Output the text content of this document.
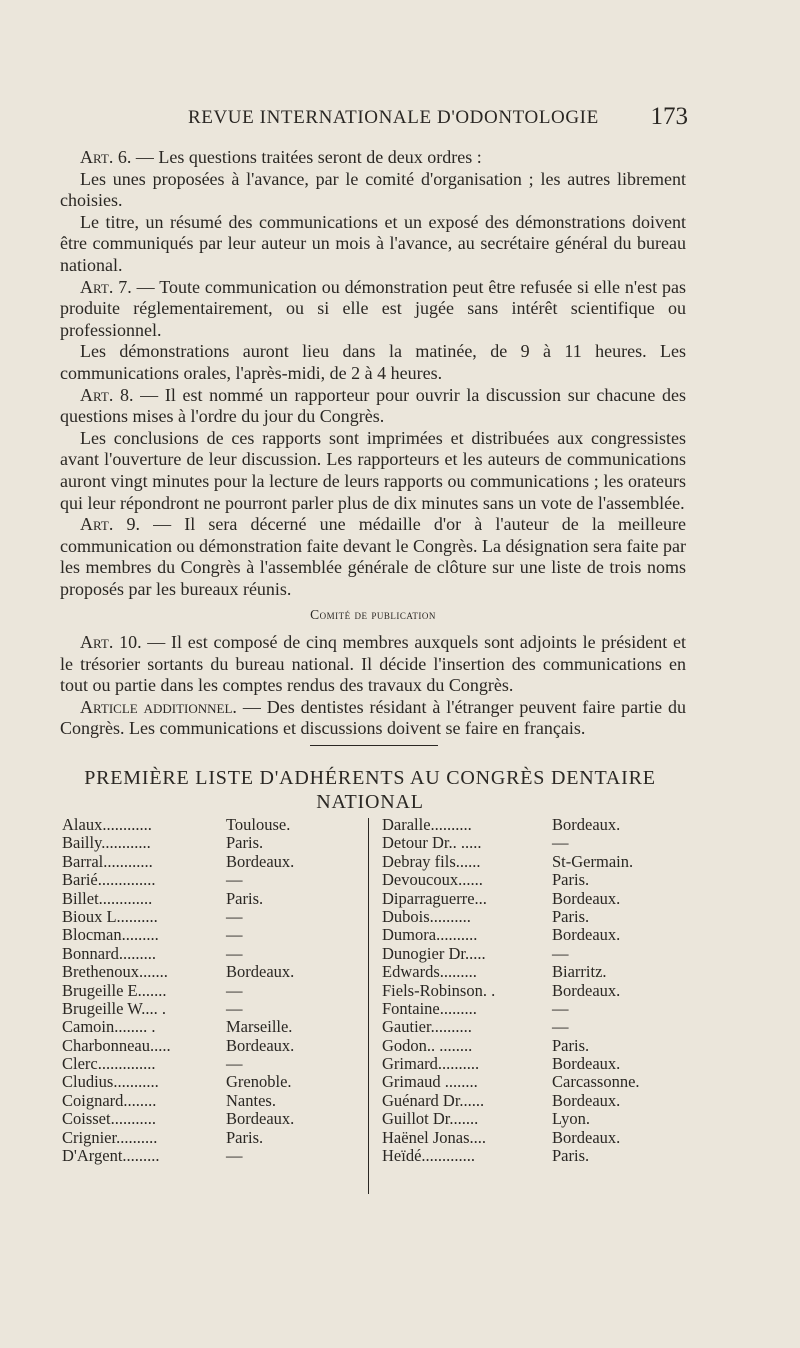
REVUE INTERNATIONALE D'ODONTOLOGIE 173

Art. 6. — Les questions traitées seront de deux ordres :

Les unes proposées à l'avance, par le comité d'organisation ; les autres librement choisies.

Le titre, un résumé des communications et un exposé des démonstrations doivent être communiqués par leur auteur un mois à l'avance, au secrétaire général du bureau national.

Art. 7. — Toute communication ou démonstration peut être refusée si elle n'est pas produite réglementairement, ou si elle est jugée sans intérêt scientifique ou professionnel.

Les démonstrations auront lieu dans la matinée, de 9 à 11 heures. Les communications orales, l'après-midi, de 2 à 4 heures.

Art. 8. — Il est nommé un rapporteur pour ouvrir la discussion sur chacune des questions mises à l'ordre du jour du Congrès.

Les conclusions de ces rapports sont imprimées et distribuées aux congressistes avant l'ouverture de leur discussion. Les rapporteurs et les auteurs de communications auront vingt minutes pour la lecture de leurs rapports ou communications ; les orateurs qui leur répondront ne pourront parler plus de dix minutes sans un vote de l'assemblée.

Art. 9. — Il sera décerné une médaille d'or à l'auteur de la meilleure communication ou démonstration faite devant le Congrès. La désignation sera faite par les membres du Congrès à l'assemblée générale de clôture sur une liste de trois noms proposés par les bureaux réunis.

Comité de publication

Art. 10. — Il est composé de cinq membres auxquels sont adjoints le président et le trésorier sortants du bureau national. Il décide l'insertion des communications en tout ou partie dans les comptes rendus des travaux du Congrès.

Article additionnel. — Des dentistes résidant à l'étranger peuvent faire partie du Congrès. Les communications et discussions doivent se faire en français.

PREMIÈRE LISTE D'ADHÉRENTS AU CONGRÈS DENTAIRE NATIONAL
Alaux............	Toulouse.
Bailly............	Paris.
Barral............	Bordeaux.
Barié..............	—
Billet.............	Paris.
Bioux L..........	—
Blocman.........	—
Bonnard.........	—
Brethenoux.......	Bordeaux.
Brugeille E.......	—
Brugeille W.... .	—
Camoin........ .	Marseille.
Charbonneau.....	Bordeaux.
Clerc..............	—
Cludius...........	Grenoble.
Coignard........	Nantes.
Coisset...........	Bordeaux.
Crignier..........	Paris.
D'Argent.........	—
Daralle..........	Bordeaux.
Detour Dr.. .....	—
Debray fils......	St-Germain.
Devoucoux......	Paris.
Diparraguerre...	Bordeaux.
Dubois..........	Paris.
Dumora..........	Bordeaux.
Dunogier Dr.....	—
Edwards.........	Biarritz.
Fiels-Robinson. .	Bordeaux.
Fontaine.........	—
Gautier..........	—
Godon.. ........	Paris.
Grimard..........	Bordeaux.
Grimaud ........	Carcassonne.
Guénard Dr......	Bordeaux.
Guillot Dr.......	Lyon.
Haënel Jonas....	Bordeaux.
Heïdé.............	Paris.
